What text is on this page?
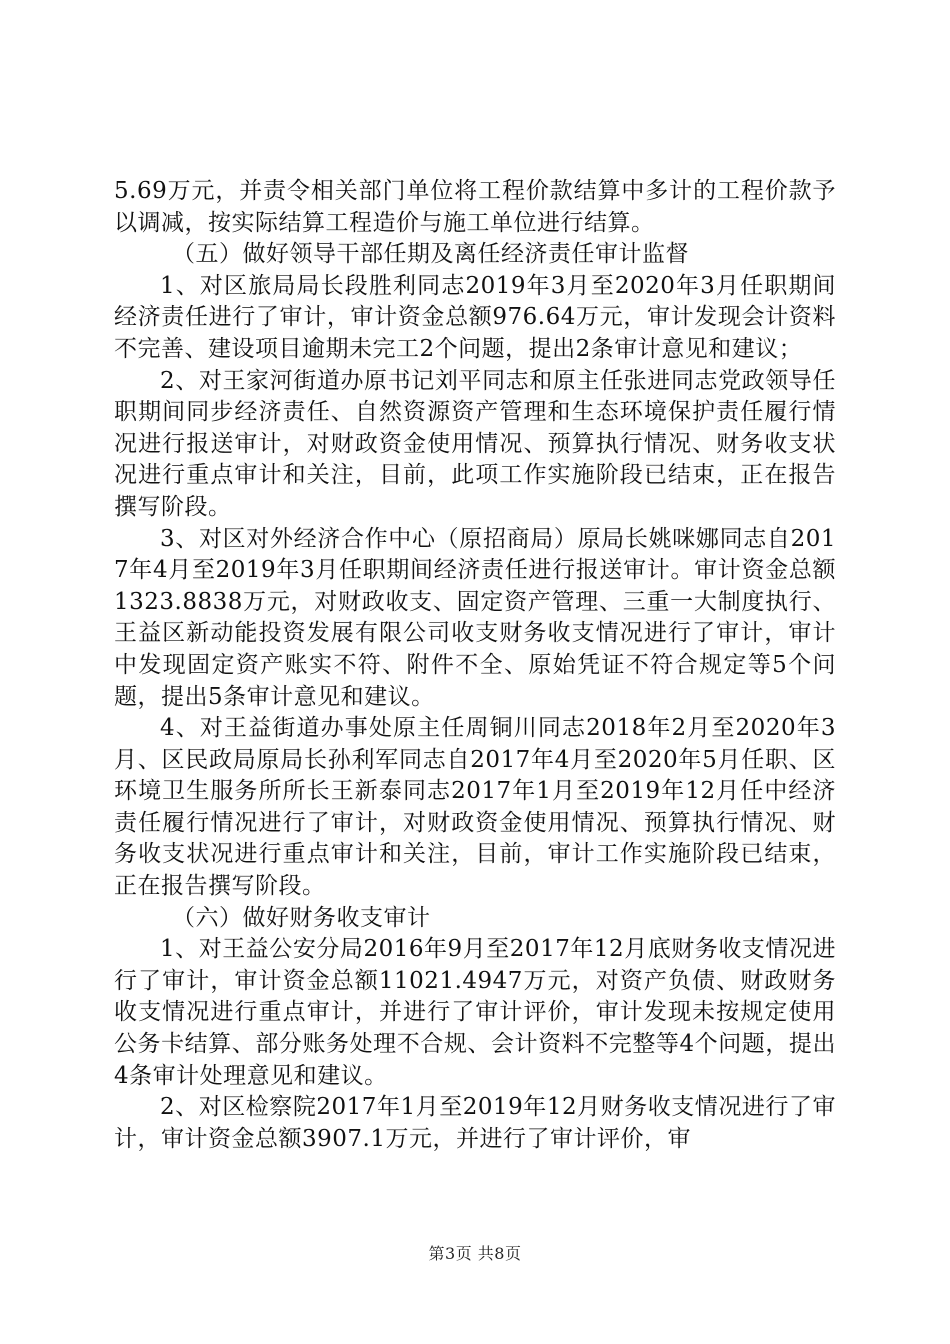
5.69万元，并责令相关部门单位将工程价款结算中多计的工程价款予以调减，按实际结算工程造价与施工单位进行结算。

（五）做好领导干部任期及离任经济责任审计监督

1、对区旅局局长段胜利同志2019年3月至2020年3月任职期间经济责任进行了审计，审计资金总额976.64万元，审计发现会计资料不完善、建设项目逾期未完工2个问题，提出2条审计意见和建议；

2、对王家河街道办原书记刘平同志和原主任张进同志党政领导任职期间同步经济责任、自然资源资产管理和生态环境保护责任履行情况进行报送审计，对财政资金使用情况、预算执行情况、财务收支状况进行重点审计和关注，目前，此项工作实施阶段已结束，正在报告撰写阶段。

3、对区对外经济合作中心（原招商局）原局长姚咪娜同志自2017年4月至2019年3月任职期间经济责任进行报送审计。审计资金总额1323.8838万元，对财政收支、固定资产管理、三重一大制度执行、王益区新动能投资发展有限公司收支财务收支情况进行了审计，审计中发现固定资产账实不符、附件不全、原始凭证不符合规定等5个问题，提出5条审计意见和建议。

4、对王益街道办事处原主任周铜川同志2018年2月至2020年3月、区民政局原局长孙利军同志自2017年4月至2020年5月任职、区环境卫生服务所所长王新泰同志2017年1月至2019年12月任中经济责任履行情况进行了审计，对财政资金使用情况、预算执行情况、财务收支状况进行重点审计和关注，目前，审计工作实施阶段已结束，正在报告撰写阶段。

（六）做好财务收支审计

1、对王益公安分局2016年9月至2017年12月底财务收支情况进行了审计，审计资金总额11021.4947万元，对资产负债、财政财务收支情况进行重点审计，并进行了审计评价，审计发现未按规定使用公务卡结算、部分账务处理不合规、会计资料不完整等4个问题，提出4条审计处理意见和建议。

2、对区检察院2017年1月至2019年12月财务收支情况进行了审计，审计资金总额3907.1万元，并进行了审计评价，审

第3页 共8页
